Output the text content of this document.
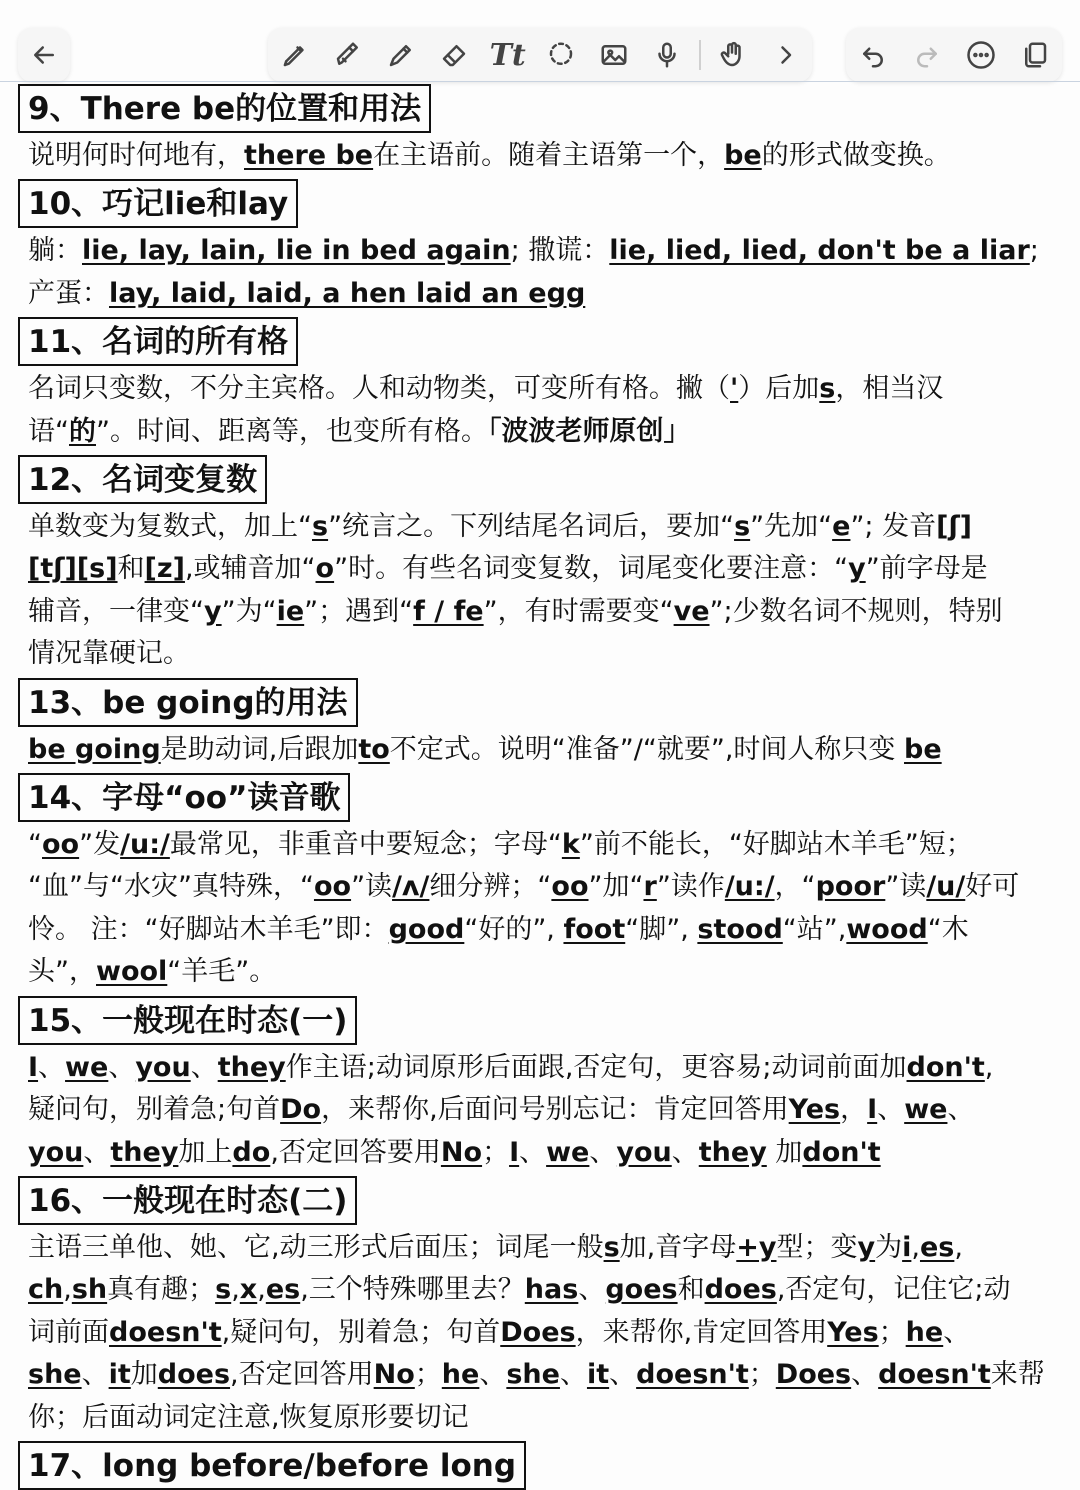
Tt
9、There be的位置和用法
说明何时何地有，there be在主语前。随着主语第一个，be的形式做变换。
10、巧记lie和lay
躺：lie, lay, lain, lie in bed again; 撒谎：lie, lied, lied, don't be a liar;
产蛋：lay, laid, laid, a hen laid an egg
11、名词的所有格
名词只变数，不分主宾格。人和动物类，可变所有格。撇（'）后加s，相当汉
语“的”。时间、距离等，也变所有格。「波波老师原创」
12、名词变复数
单数变为复数式，加上“s”统言之。下列结尾名词后，要加“s”先加“e”; 发音[ʃ]
[tʃ][s]和[z],或辅音加“o”时。有些名词变复数，词尾变化要注意：“y”前字母是
辅音，一律变“y”为“ie”；遇到“f / fe”，有时需要变“ve”;少数名词不规则，特别
情况靠硬记。
13、be going的用法
be going是助动词,后跟加to不定式。说明“准备”/“就要”,时间人称只变 be
14、字母“oo”读音歌
“oo”发/u:/最常见，非重音中要短念；字母“k”前不能长，“好脚站木羊毛”短；
“血”与“水灾”真特殊，“oo”读/ʌ/细分辨；“oo”加“r”读作/u:/，“poor”读/u/好可
怜。 注：“好脚站木羊毛”即：good“好的”, foot“脚”, stood“站”,wood“木
头”，wool“羊毛”。
15、一般现在时态(一)
I、we、you、they作主语;动词原形后面跟,否定句，更容易;动词前面加don't,
疑问句，别着急;句首Do，来帮你,后面问号别忘记：肯定回答用Yes，I、we、
you、they加上do,否定回答要用No；I、we、you、they 加don't
16、一般现在时态(二)
主语三单他、她、它,动三形式后面压；词尾一般s加,音字母+y型；变y为i,es,
ch,sh真有趣；s,x,es,三个特殊哪里去？has、goes和does,否定句，记住它;动
词前面doesn't,疑问句，别着急；句首Does，来帮你,肯定回答用Yes；he、
she、it加does,否定回答用No；he、she、it、doesn't；Does、doesn't来帮
你；后面动词定注意,恢复原形要切记
17、long before/before long
